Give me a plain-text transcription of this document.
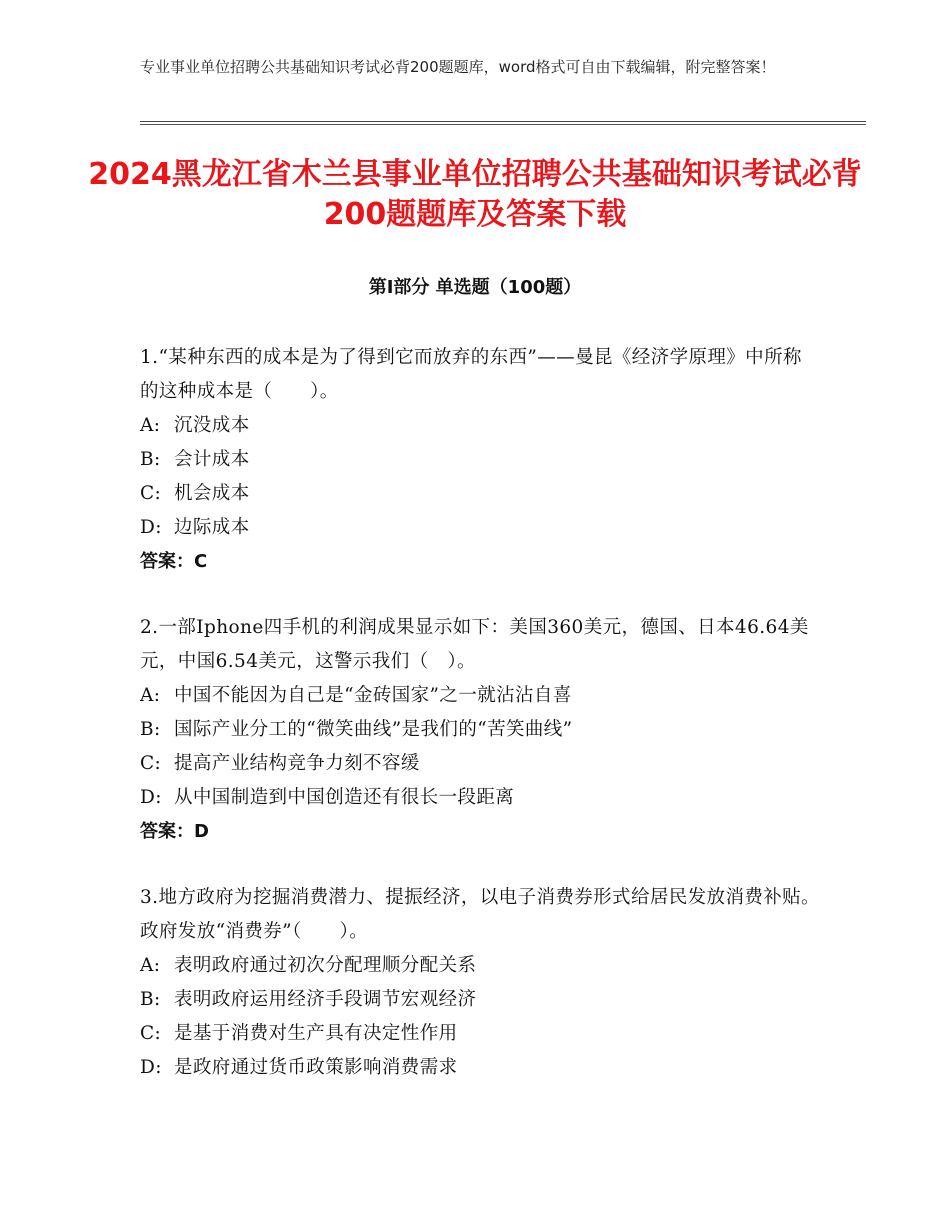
专业事业单位招聘公共基础知识考试必背200题题库，word格式可自由下载编辑，附完整答案！
2024黑龙江省木兰县事业单位招聘公共基础知识考试必背200题题库及答案下载
第Ⅰ部分 单选题（100题）
1.“某种东西的成本是为了得到它而放弃的东西”——曼昆《经济学原理》中所称的这种成本是（　　）。
A: 沉没成本
B: 会计成本
C: 机会成本
D: 边际成本
答案：C
2.一部Iphone四手机的利润成果显示如下：美国360美元，德国、日本46.64美元，中国6.54美元，这警示我们（　）。
A: 中国不能因为自己是“金砖国家”之一就沾沾自喜
B: 国际产业分工的“微笑曲线”是我们的“苦笑曲线”
C: 提高产业结构竞争力刻不容缓
D: 从中国制造到中国创造还有很长一段距离
答案：D
3.地方政府为挖掘消费潜力、提振经济，以电子消费券形式给居民发放消费补贴。政府发放“消费券”（　　）。
A: 表明政府通过初次分配理顺分配关系
B: 表明政府运用经济手段调节宏观经济
C: 是基于消费对生产具有决定性作用
D: 是政府通过货币政策影响消费需求
